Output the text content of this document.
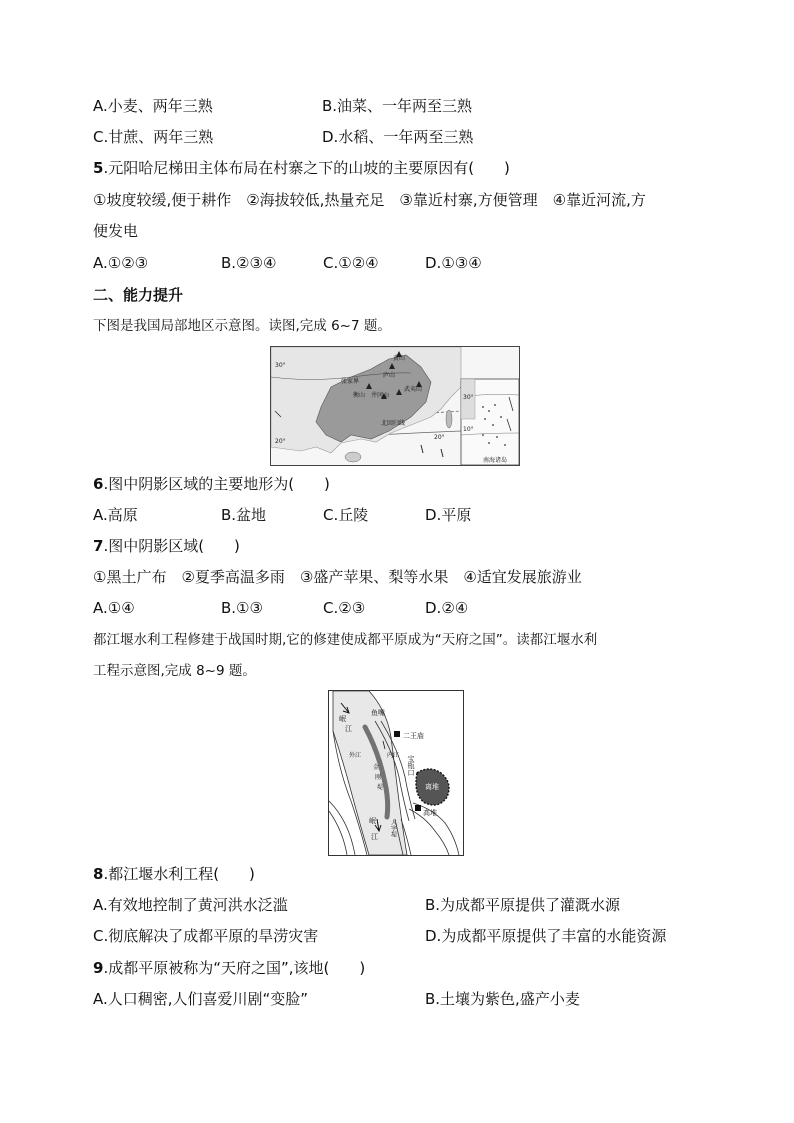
A.小麦、两年三熟	B.油菜、一年两至三熟
C.甘蔗、两年三熟	D.水稻、一年两至三熟
5.元阳哈尼梯田主体布局在村寨之下的山坡的主要原因有(　　)
①坡度较缓,便于耕作　②海拔较低,热量充足　③靠近村寨,方便管理　④靠近河流,方
便发电
A.①②③	B.②③④	C.①②④	D.①③④
二、能力提升
下图是我国局部地区示意图。读图,完成 6~7 题。
30°
20°
20°
30°
10°
黄山
庐山
武夷山
衡山 井冈山
张家界
北回归线
南海诸岛
6.图中阴影区域的主要地形为(　　)
A.高原	B.盆地	C.丘陵	D.平原
7.图中阴影区域(　　)
①黑土广布　②夏季高温多雨　③盛产苹果、梨等水果　④适宜发展旅游业
A.①④	B.①③	C.②③	D.②④
都江堰水利工程修建于战国时期,它的修建使成都平原成为“天府之国”。读都江堰水利
工程示意图,完成 8~9 题。
岷
江
鱼嘴
二王庙
内江
外江
金
刚
堤
宝瓶口
离堆
高堆
岷
江 人字堤
8.都江堰水利工程(　　)
A.有效地控制了黄河洪水泛滥	B.为成都平原提供了灌溉水源
C.彻底解决了成都平原的旱涝灾害	D.为成都平原提供了丰富的水能资源
9.成都平原被称为“天府之国”,该地(　　)
A.人口稠密,人们喜爱川剧“变脸”	B.土壤为紫色,盛产小麦
